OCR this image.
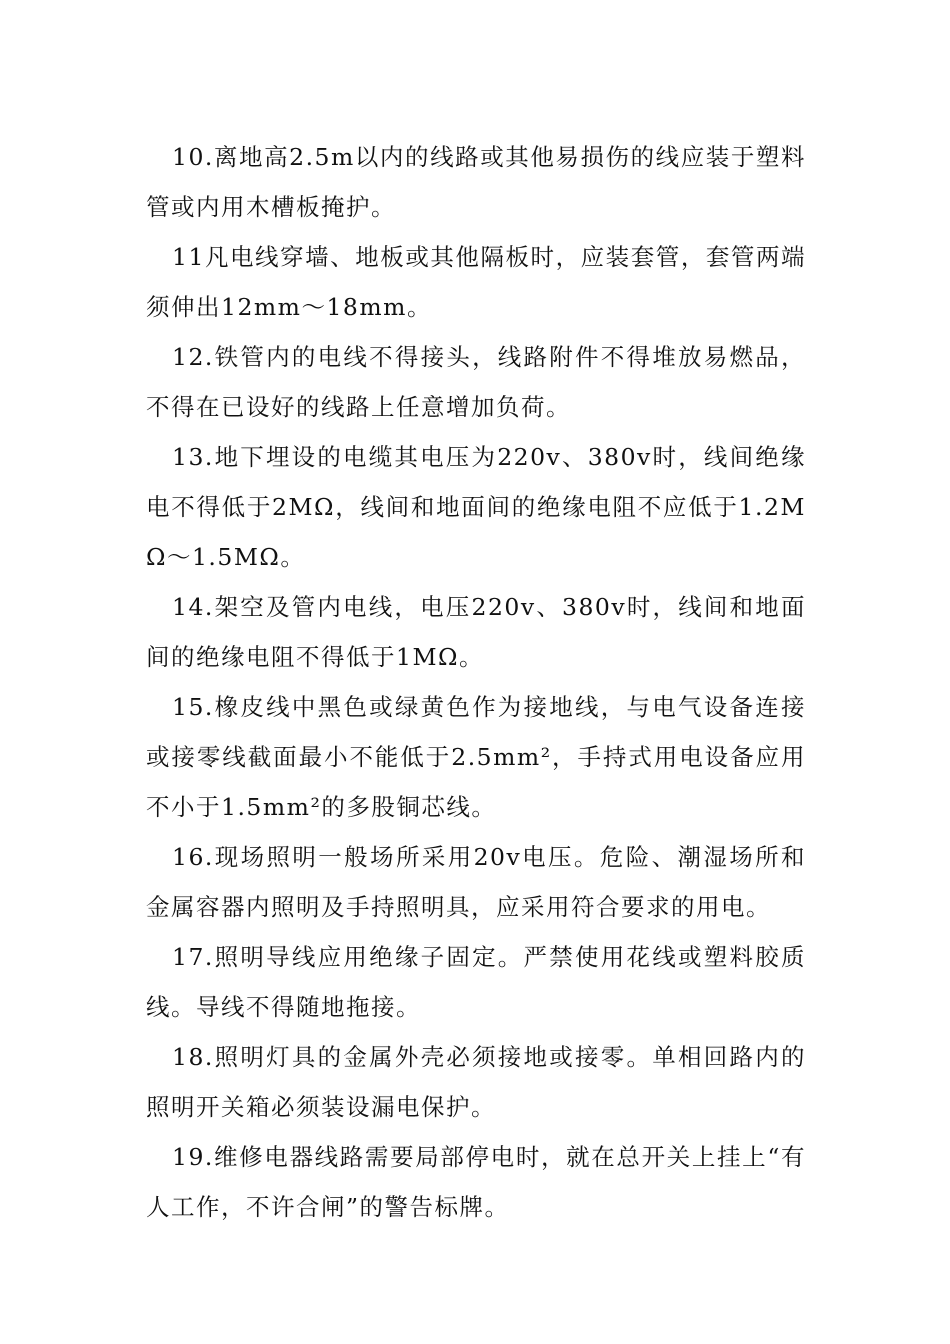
10.离地高2.5m以内的线路或其他易损伤的线应装于塑料管或内用木槽板掩护。

11凡电线穿墙、地板或其他隔板时，应装套管，套管两端须伸出12mm～18mm。

12.铁管内的电线不得接头，线路附件不得堆放易燃品，不得在已设好的线路上任意增加负荷。

13.地下埋设的电缆其电压为220v、380v时，线间绝缘电不得低于2MΩ，线间和地面间的绝缘电阻不应低于1.2MΩ～1.5MΩ。

14.架空及管内电线，电压220v、380v时，线间和地面间的绝缘电阻不得低于1MΩ。

15.橡皮线中黑色或绿黄色作为接地线，与电气设备连接或接零线截面最小不能低于2.5mm²，手持式用电设备应用不小于1.5mm²的多股铜芯线。

16.现场照明一般场所采用20v电压。危险、潮湿场所和金属容器内照明及手持照明具，应采用符合要求的用电。

17.照明导线应用绝缘子固定。严禁使用花线或塑料胶质线。导线不得随地拖接。

18.照明灯具的金属外壳必须接地或接零。单相回路内的照明开关箱必须装设漏电保护。

19.维修电器线路需要局部停电时，就在总开关上挂上“有人工作，不许合闸”的警告标牌。
